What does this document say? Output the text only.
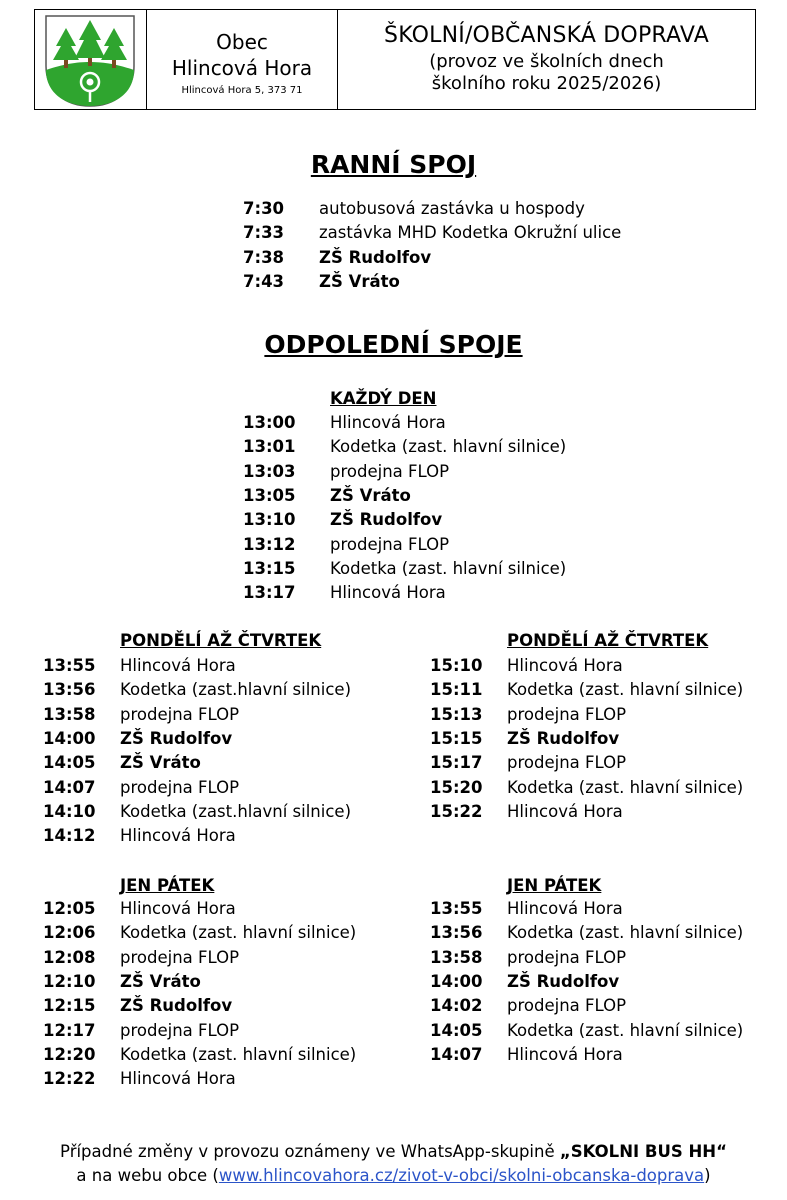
Obec
Hlincová Hora
Hlincová Hora 5, 373 71
ŠKOLNÍ/OBČANSKÁ DOPRAVA
(provoz ve školních dnech
školního roku 2025/2026)
RANNÍ SPOJ
ODPOLEDNÍ SPOJE
KAŽDÝ DEN
PONDĚLÍ AŽ ČTVRTEK	PONDĚLÍ AŽ ČTVRTEK
JEN PÁTEK	JEN PÁTEK
7:30 autobusová zastávka u hospody
7:33 zastávka MHD Kodetka Okružní ulice
7:38 ZŠ Rudolfov
7:43 ZŠ Vráto
13:00 Hlincová Hora
13:01 Kodetka (zast. hlavní silnice)
13:03 prodejna FLOP
13:05 ZŠ Vráto
13:10 ZŠ Rudolfov
13:12 prodejna FLOP
13:15 Kodetka (zast. hlavní silnice)
13:17 Hlincová Hora
13:55 Hlincová Hora
13:56 Kodetka (zast.hlavní silnice)
13:58 prodejna FLOP
14:00 ZŠ Rudolfov
14:05 ZŠ Vráto
14:07 prodejna FLOP
14:10 Kodetka (zast.hlavní silnice)
14:12 Hlincová Hora
15:10 Hlincová Hora
15:11 Kodetka (zast. hlavní silnice)
15:13 prodejna FLOP
15:15 ZŠ Rudolfov
15:17 prodejna FLOP
15:20 Kodetka (zast. hlavní silnice)
15:22 Hlincová Hora
12:05 Hlincová Hora
12:06 Kodetka (zast. hlavní silnice)
12:08 prodejna FLOP
12:10 ZŠ Vráto
12:15 ZŠ Rudolfov
12:17 prodejna FLOP
12:20 Kodetka (zast. hlavní silnice)
12:22 Hlincová Hora
13:55 Hlincová Hora
13:56 Kodetka (zast. hlavní silnice)
13:58 prodejna FLOP
14:00 ZŠ Rudolfov
14:02 prodejna FLOP
14:05 Kodetka (zast. hlavní silnice)
14:07 Hlincová Hora
Případné změny v provozu oznámeny ve WhatsApp-skupině „SKOLNI BUS HH“
a na webu obce (www.hlincovahora.cz/zivot-v-obci/skolni-obcanska-doprava)
